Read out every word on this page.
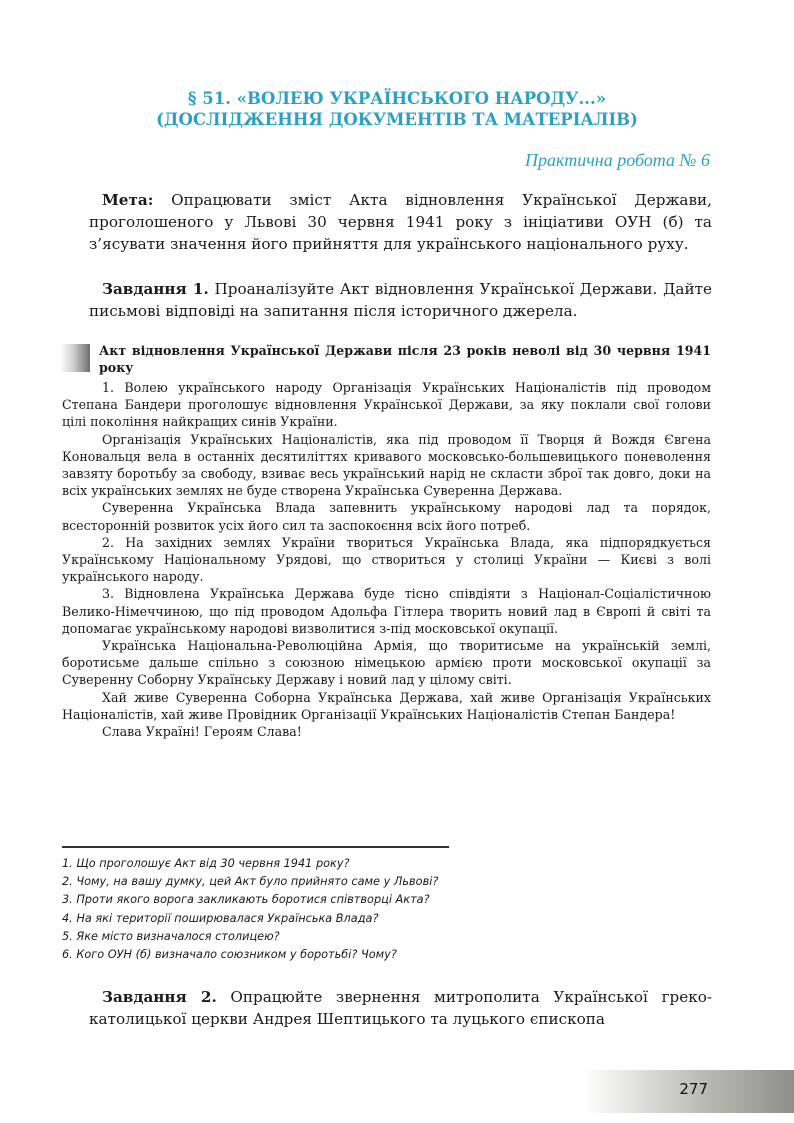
§ 51. «ВОЛЕЮ УКРАЇНСЬКОГО НАРОДУ...»
(ДОСЛІДЖЕННЯ ДОКУМЕНТІВ ТА МАТЕРІАЛІВ)
Практична робота № 6

Мета: Опрацювати зміст Акта відновлення Української Держави, проголошеного у Львові 30 червня 1941 року з ініціативи ОУН (б) та з’ясувати значення його прийняття для українського національного руху.

Завдання 1. Проаналізуйте Акт відновлення Української Держави. Дайте письмові відповіді на запитання після історичного джерела.

Акт відновлення Української Держави після 23 років неволі від 30 червня 1941 року

1. Волею українського народу Організація Українських Націоналістів під проводом Степана Бандери проголошує відновлення Української Держави, за яку поклали свої голови цілі покоління найкращих синів України.

Організація Українських Націоналістів, яка під проводом її Творця й Вождя Євгена Коновальця вела в останніх десятиліттях кривавого московсько-большевицького поневолення завзяту боротьбу за свободу, взиває весь український нарід не скласти зброї так довго, доки на всіх українських землях не буде створена Українська Суверенна Держава.

Суверенна Українська Влада запевнить українському народові лад та порядок, всесторонній розвиток усіх його сил та заспокоєння всіх його потреб.

2. На західних землях України твориться Українська Влада, яка підпорядкується Українському Національному Урядові, що створиться у столиці України — Києві з волі українського народу.

3. Відновлена Українська Держава буде тісно співдіяти з Націонал-Соціалістичною Велико-Німеччиною, що під проводом Адольфа Гітлера творить новий лад в Європі й світі та допомагає українському народові визволитися з-під московської окупації.

Українська Національна-Революційна Армія, що творитисьме на українській землі, боротисьме дальше спільно з союзною німецькою армією проти московської окупації за Суверенну Соборну Українську Державу і новий лад у цілому світі.

Хай живе Суверенна Соборна Українська Держава, хай живе Організація Українських Націоналістів, хай живе Провідник Організації Українських Націоналістів Степан Бандера!

Слава Україні! Героям Слава!

1. Що проголошує Акт від 30 червня 1941 року?
2. Чому, на вашу думку, цей Акт було прийнято саме у Львові?
3. Проти якого ворога закликають боротися співтворці Акта?
4. На які території поширювалася Українська Влада?
5. Яке місто визначалося столицею?
6. Кого ОУН (б) визначало союзником у боротьбі? Чому?

Завдання 2. Опрацюйте звернення митрополита Української греко-католицької церкви Андрея Шептицького та луцького єпископа

277
